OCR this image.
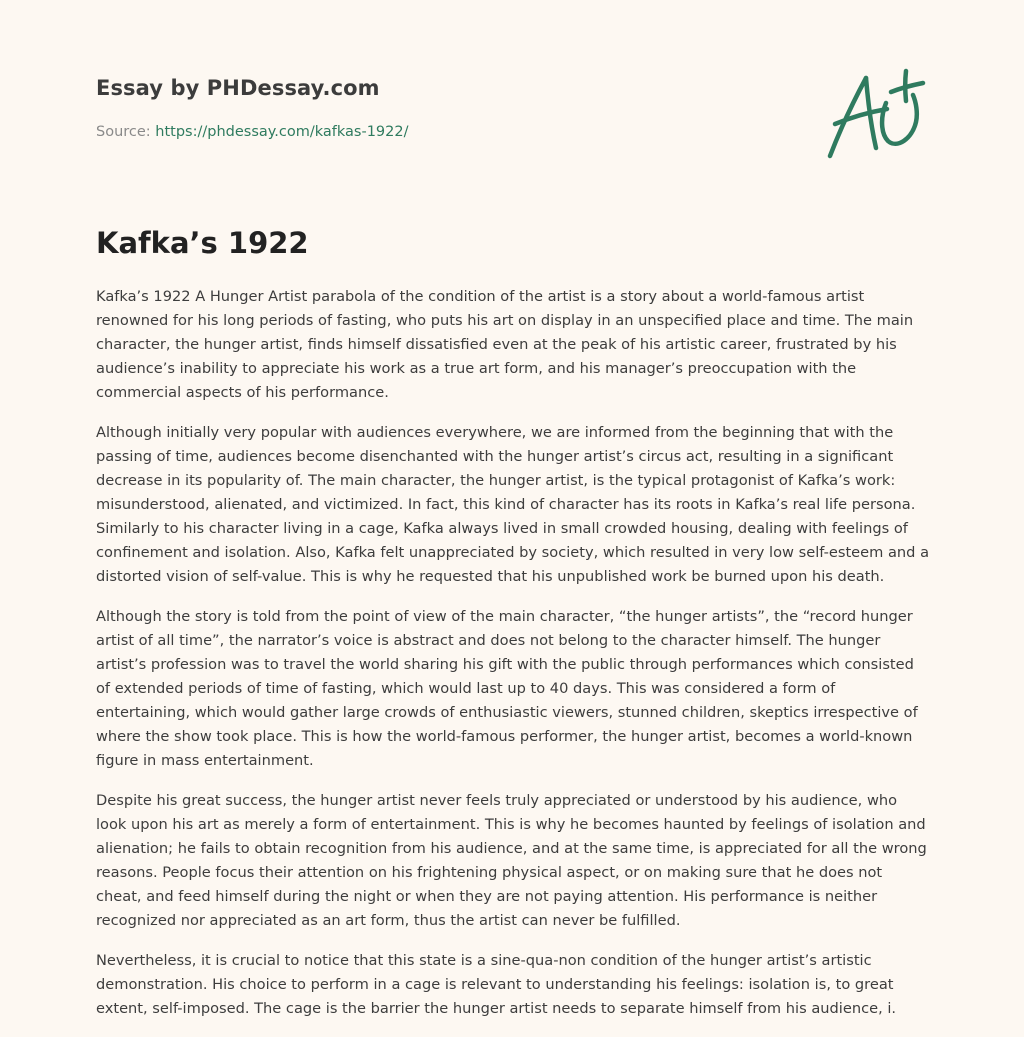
Essay by PHDessay.com
Source: https://phdessay.com/kafkas-1922/
Kafka’s 1922

Kafka’s 1922 A Hunger Artist parabola of the condition of the artist is a story about a world-famous artist renowned for his long periods of fasting, who puts his art on display in an unspecified place and time. The main character, the hunger artist, finds himself dissatisfied even at the peak of his artistic career, frustrated by his audience’s inability to appreciate his work as a true art form, and his manager’s preoccupation with the commercial aspects of his performance.

Although initially very popular with audiences everywhere, we are informed from the beginning that with the passing of time, audiences become disenchanted with the hunger artist’s circus act, resulting in a significant decrease in its popularity of. The main character, the hunger artist, is the typical protagonist of Kafka’s work: misunderstood, alienated, and victimized. In fact, this kind of character has its roots in Kafka’s real life persona. Similarly to his character living in a cage, Kafka always lived in small crowded housing, dealing with feelings of confinement and isolation. Also, Kafka felt unappreciated by society, which resulted in very low self-esteem and a distorted vision of self-value. This is why he requested that his unpublished work be burned upon his death.

Although the story is told from the point of view of the main character, “the hunger artists”, the “record hunger artist of all time”, the narrator’s voice is abstract and does not belong to the character himself. The hunger artist’s profession was to travel the world sharing his gift with the public through performances which consisted of extended periods of time of fasting, which would last up to 40 days. This was considered a form of entertaining, which would gather large crowds of enthusiastic viewers, stunned children, skeptics irrespective of where the show took place. This is how the world-famous performer, the hunger artist, becomes a world-known figure in mass entertainment.

Despite his great success, the hunger artist never feels truly appreciated or understood by his audience, who look upon his art as merely a form of entertainment. This is why he becomes haunted by feelings of isolation and alienation; he fails to obtain recognition from his audience, and at the same time, is appreciated for all the wrong reasons. People focus their attention on his frightening physical aspect, or on making sure that he does not cheat, and feed himself during the night or when they are not paying attention. His performance is neither recognized nor appreciated as an art form, thus the artist can never be fulfilled.

Nevertheless, it is crucial to notice that this state is a sine-qua-non condition of the hunger artist’s artistic demonstration. His choice to perform in a cage is relevant to understanding his feelings: isolation is, to great extent, self-imposed. The cage is the barrier the hunger artist needs to separate himself from his audience, i.
